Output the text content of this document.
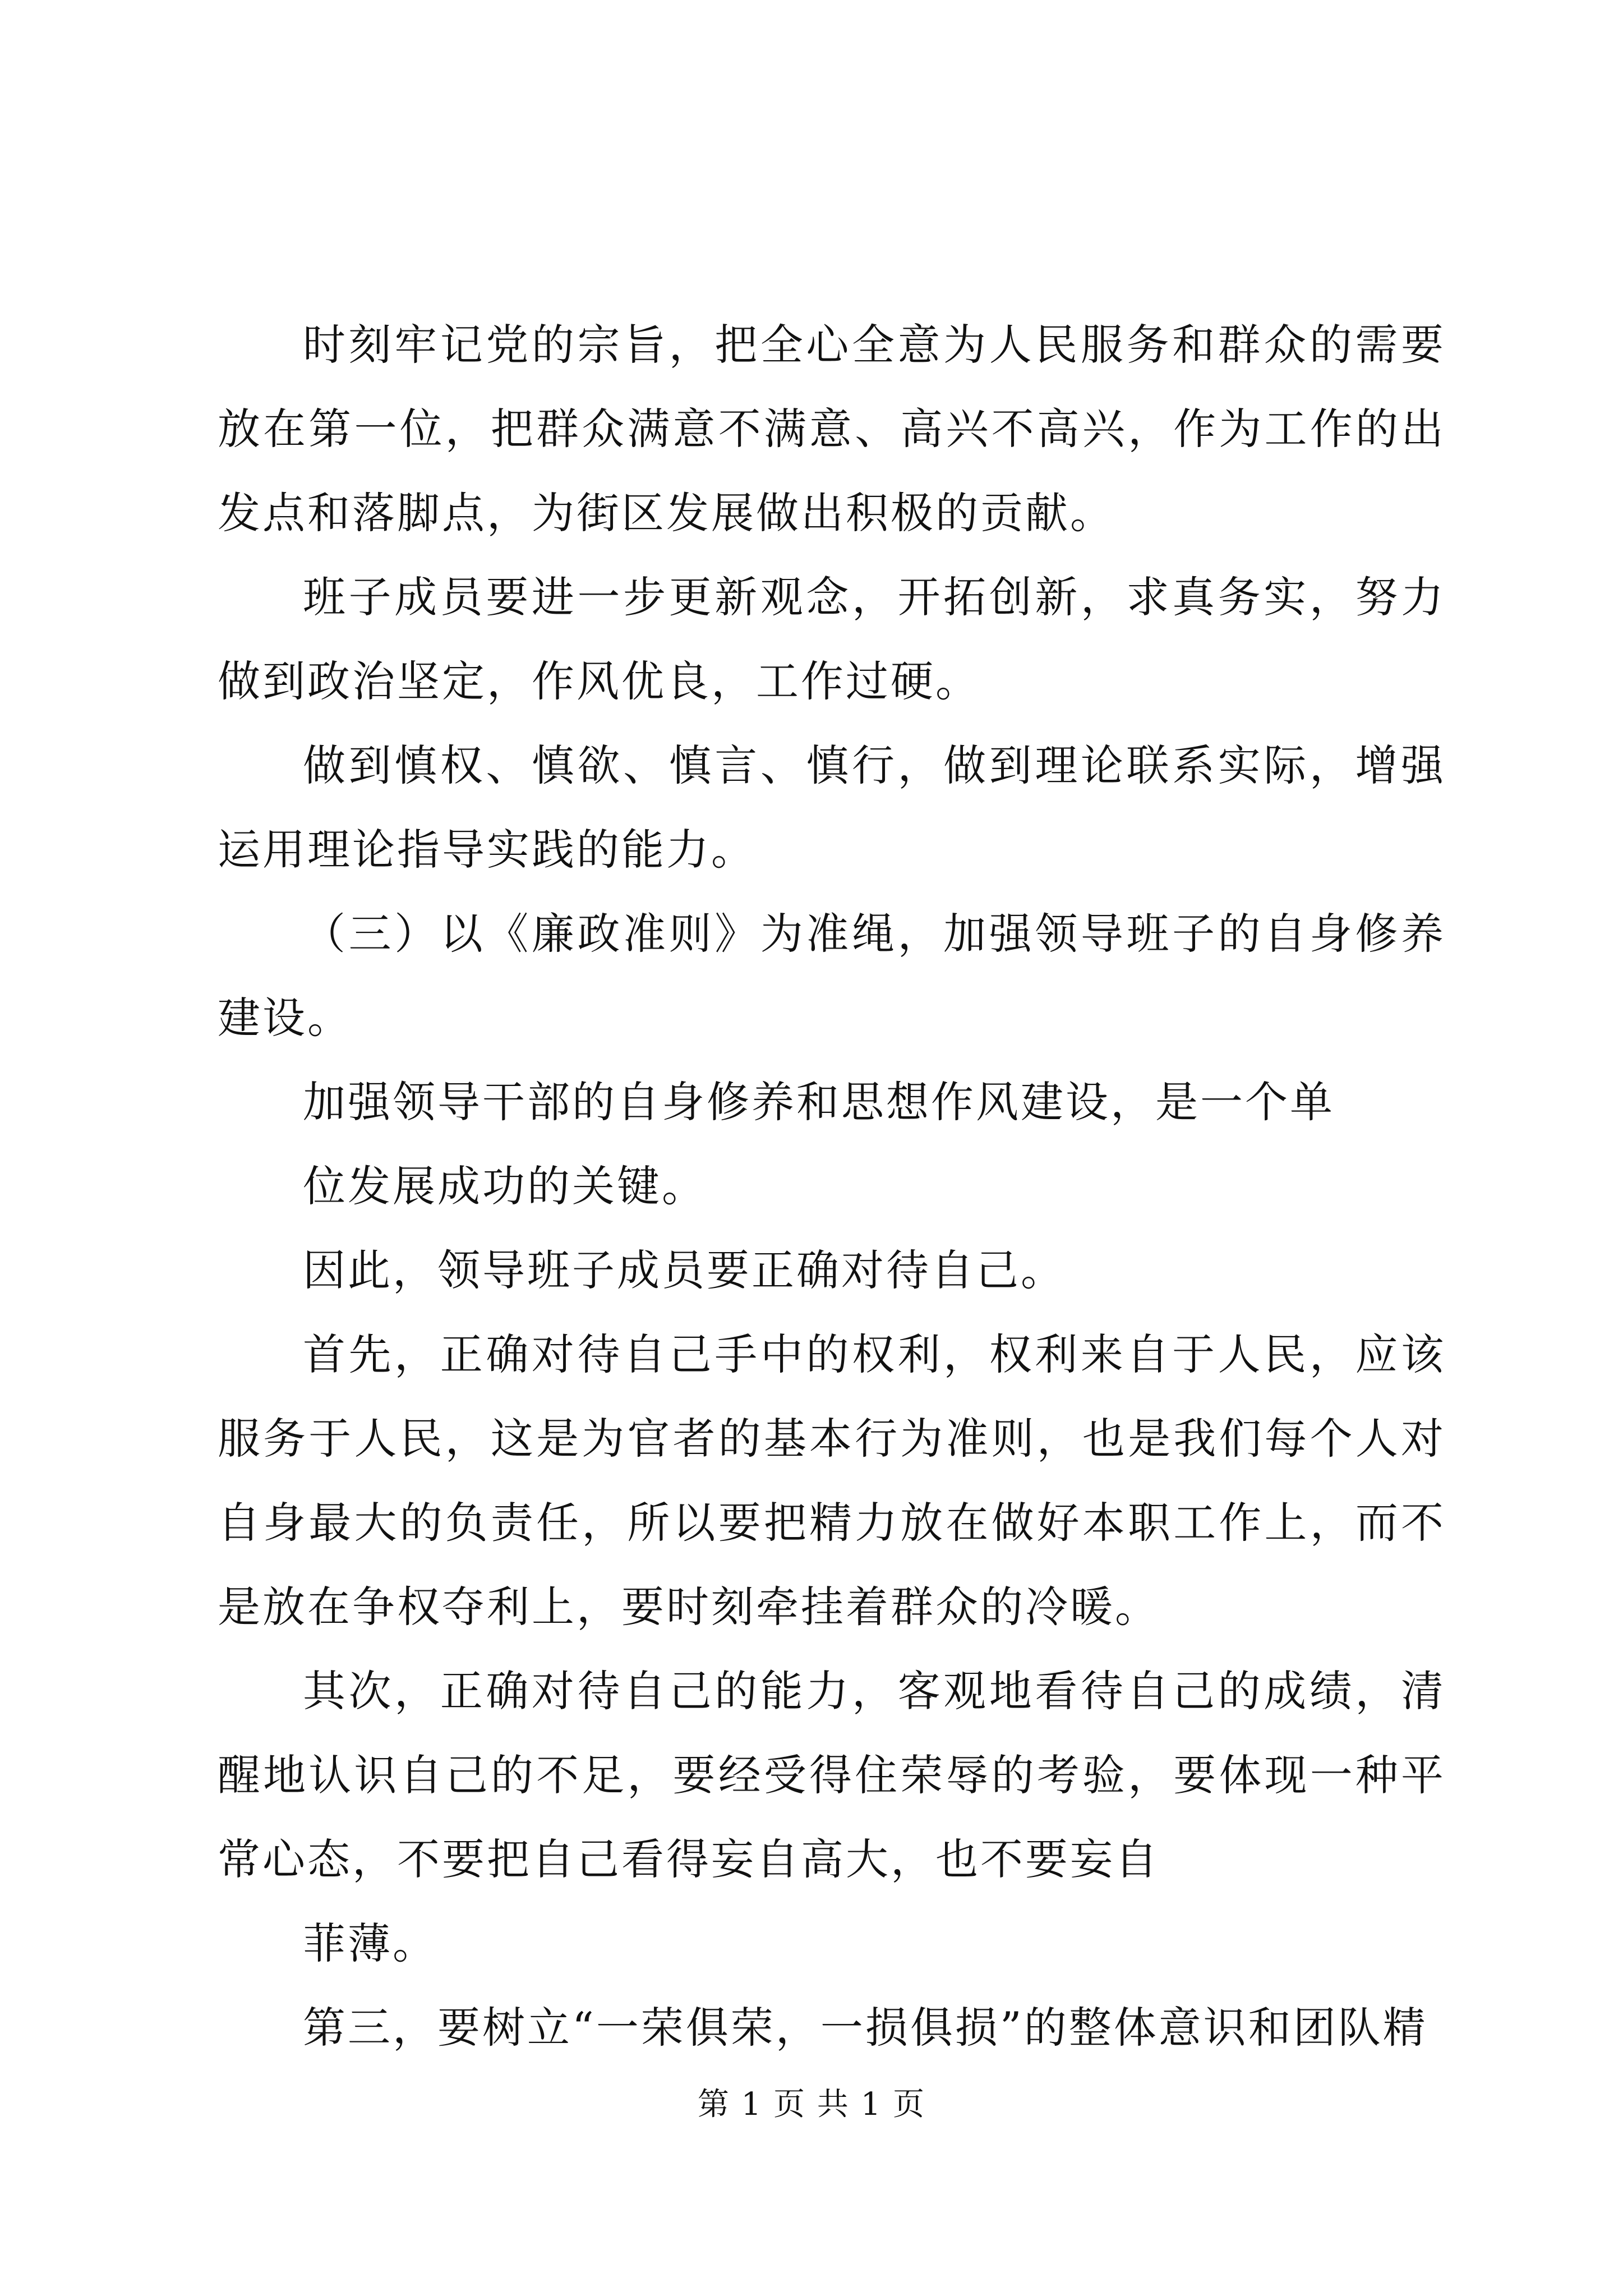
时刻牢记党的宗旨，把全心全意为人民服务和群众的需要放在第一位，把群众满意不满意、高兴不高兴，作为工作的出发点和落脚点，为街区发展做出积极的贡献。

班子成员要进一步更新观念，开拓创新，求真务实，努力做到政治坚定，作风优良，工作过硬。

做到慎权、慎欲、慎言、慎行，做到理论联系实际，增强运用理论指导实践的能力。

（三）以《廉政准则》为准绳，加强领导班子的自身修养建设。

加强领导干部的自身修养和思想作风建设，是一个单

位发展成功的关键。

因此，领导班子成员要正确对待自己。

首先，正确对待自己手中的权利，权利来自于人民，应该服务于人民，这是为官者的基本行为准则，也是我们每个人对自身最大的负责任，所以要把精力放在做好本职工作上，而不是放在争权夺利上，要时刻牵挂着群众的冷暖。

其次，正确对待自己的能力，客观地看待自己的成绩，清醒地认识自己的不足，要经受得住荣辱的考验，要体现一种平常心态，不要把自己看得妄自高大，也不要妄自

菲薄。

第三，要树立“一荣俱荣，一损俱损”的整体意识和团队精

第 1 页 共 1 页
